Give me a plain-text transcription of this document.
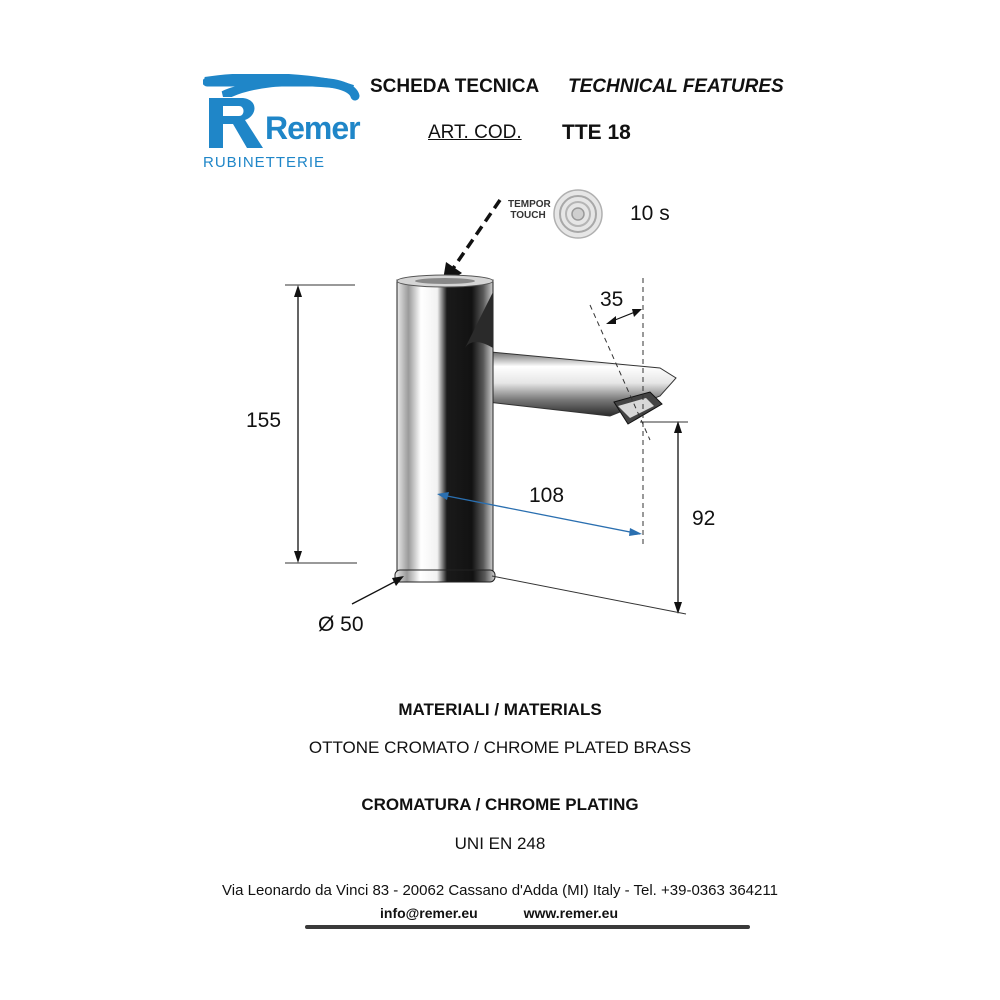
Remer
RUBINETTERIE
SCHEDA TECNICA TECHNICAL FEATURES
ART. COD. TTE 18
TEMPOR
TOUCH	10 s
155
35
108
92
Ø 50
MATERIALI / MATERIALS
OTTONE CROMATO / CHROME PLATED BRASS
CROMATURA / CHROME PLATING
UNI EN 248
Via Leonardo da Vinci 83 - 20062 Cassano d'Adda (MI) Italy - Tel. +39-0363 364211
info@remer.eu	www.remer.eu
